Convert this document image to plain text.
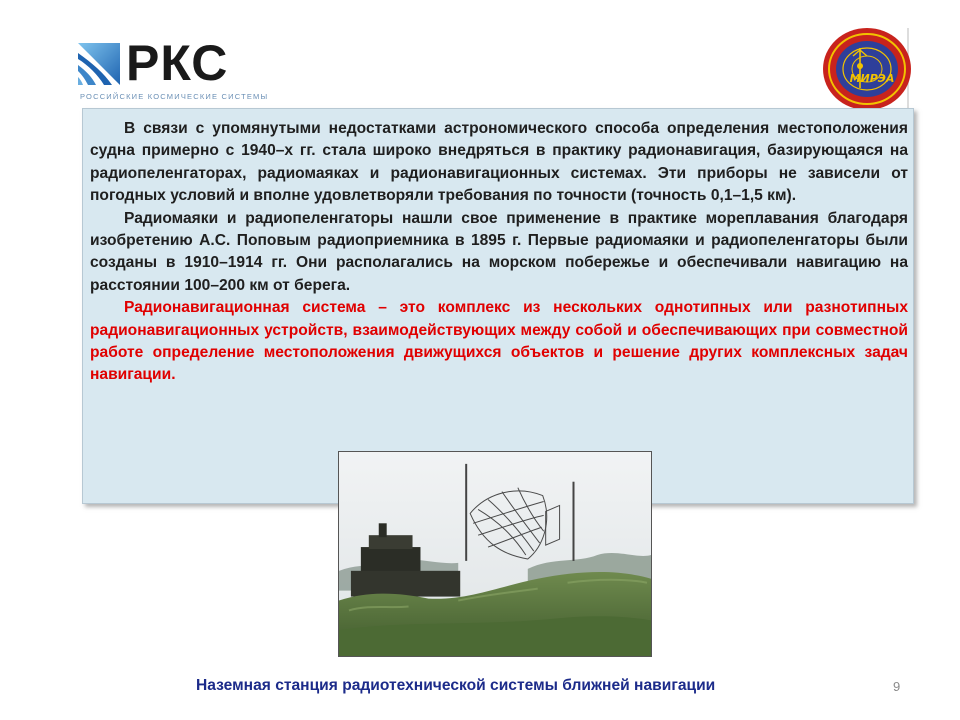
РКС
РОССИЙСКИЕ КОСМИЧЕСКИЕ СИСТЕМЫ
МИРЭА

В связи с упомянутыми недостатками астрономического способа определения местоположения судна примерно с 1940–х гг. стала широко внедряться в практику радионавигация, базирующаяся на радиопеленгаторах, радиомаяках и радионавигационных системах. Эти приборы не зависели от погодных условий и вполне удовлетворяли требования по точности (точность 0,1–1,5 км).

Радиомаяки и радиопеленгаторы нашли свое применение в практике мореплавания благодаря изобретению А.С. Поповым радиоприемника в 1895 г. Первые радиомаяки и радиопеленгаторы были созданы в 1910–1914 гг. Они располагались на морском побережье и обеспечивали навигацию на расстоянии 100–200 км от берега.

Радионавигационная система – это комплекс из нескольких однотипных или разнотипных радионавигационных устройств, взаимодействующих между собой и обеспечивающих при совместной работе определение местоположения движущихся объектов и решение других комплексных задач навигации.

Наземная станция радиотехнической системы ближней навигации	9
